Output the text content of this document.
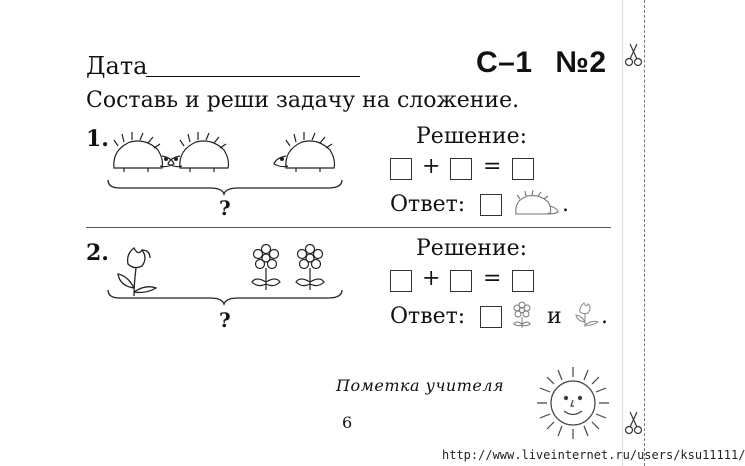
Дата	С–1 №2
Составь и реши задачу на сложение.
1.
?
Решение:
+ =
Ответ:	.
2.
?
Решение:
+ =
Ответ:	и .
Пометка учителя
6
http://www.liveinternet.ru/users/ksu11111/
